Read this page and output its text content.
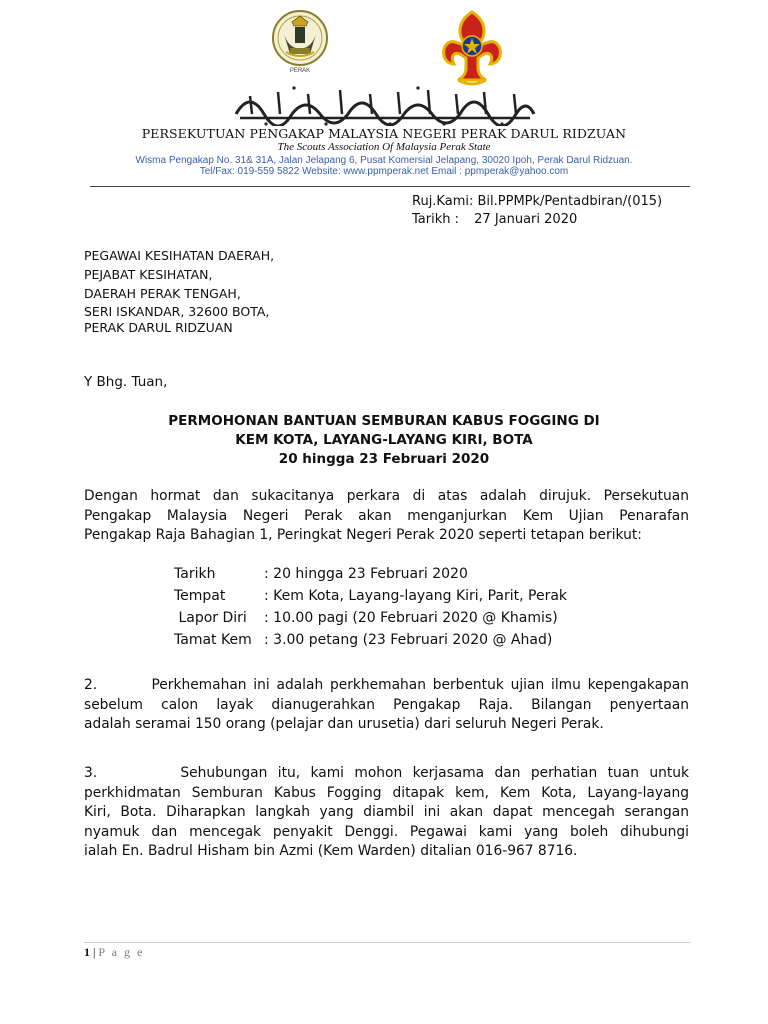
PERAK
PERSEKUTUAN PENGAKAP MALAYSIA NEGERI PERAK DARUL RIDZUAN
The Scouts Association Of Malaysia Perak State
Wisma Pengakap No. 31& 31A, Jalan Jelapang 6, Pusat Komersial Jelapang, 30020 Ipoh, Perak Darul Ridzuan.
Tel/Fax: 019-559 5822 Website: www.ppmperak.net Email : ppmperak@yahoo.com
Ruj.Kami: Bil.PPMPk/Pentadbiran/(015)
Tarikh : 27 Januari 2020
PEGAWAI KESIHATAN DAERAH,
PEJABAT KESIHATAN,
DAERAH PERAK TENGAH,
SERI ISKANDAR, 32600 BOTA,
PERAK DARUL RIDZUAN
Y Bhg. Tuan,
PERMOHONAN BANTUAN SEMBURAN KABUS FOGGING DI
KEM KOTA, LAYANG-LAYANG KIRI, BOTA
20 hingga 23 Februari 2020
Dengan hormat dan sukacitanya perkara di atas adalah dirujuk. Persekutuan
Pengakap Malaysia Negeri Perak akan menganjurkan Kem Ujian Penarafan
Pengakap Raja Bahagian 1, Peringkat Negeri Perak 2020 seperti tetapan berikut:
Tarikh	: 20 hingga 23 Februari 2020
Tempat	: Kem Kota, Layang-layang Kiri, Parit, Perak
Lapor Diri : 10.00 pagi (20 Februari 2020 @ Khamis)
Tamat Kem : 3.00 petang (23 Februari 2020 @ Ahad)
2.        Perkhemahan ini adalah perkhemahan berbentuk ujian ilmu kepengakapan
sebelum calon layak dianugerahkan Pengakap Raja. Bilangan penyertaan
adalah seramai 150 orang (pelajar dan urusetia) dari seluruh Negeri Perak.
3.        Sehubungan itu, kami mohon kerjasama dan perhatian tuan untuk
perkhidmatan Semburan Kabus Fogging ditapak kem, Kem Kota, Layang-layang
Kiri, Bota. Diharapkan langkah yang diambil ini akan dapat mencegah serangan
nyamuk dan mencegak penyakit Denggi. Pegawai kami yang boleh dihubungi
ialah En. Badrul Hisham bin Azmi (Kem Warden) ditalian 016-967 8716.
1 | P a g e
